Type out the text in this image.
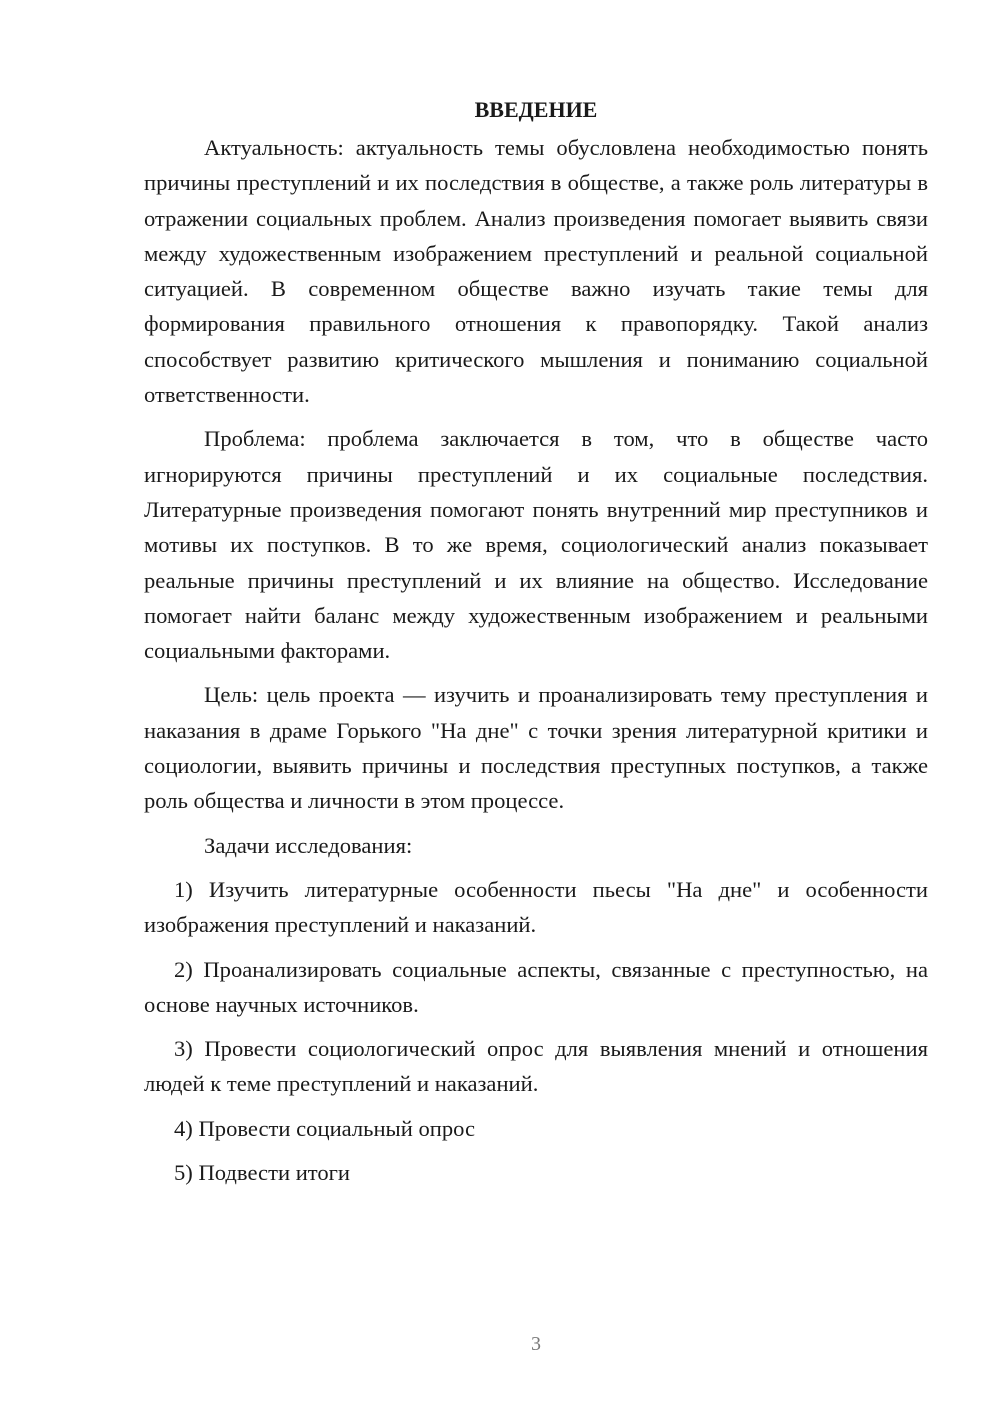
ВВЕДЕНИЕ

Актуальность: актуальность темы обусловлена необходимостью понять причины преступлений и их последствия в обществе, а также роль литературы в отражении социальных проблем. Анализ произведения помогает выявить связи между художественным изображением преступлений и реальной социальной ситуацией. В современном обществе важно изучать такие темы для формирования правильного отношения к правопорядку. Такой анализ способствует развитию критического мышления и пониманию социальной ответственности.

Проблема: проблема заключается в том, что в обществе часто игнорируются причины преступлений и их социальные последствия. Литературные произведения помогают понять внутренний мир преступников и мотивы их поступков. В то же время, социологический анализ показывает реальные причины преступлений и их влияние на общество. Исследование помогает найти баланс между художественным изображением и реальными социальными факторами.

Цель: цель проекта — изучить и проанализировать тему преступления и наказания в драме Горького "На дне" с точки зрения литературной критики и социологии, выявить причины и последствия преступных поступков, а также роль общества и личности в этом процессе.

Задачи исследования:

1) Изучить литературные особенности пьесы "На дне" и особенности изображения преступлений и наказаний.

2) Проанализировать социальные аспекты, связанные с преступностью, на основе научных источников.

3) Провести социологический опрос для выявления мнений и отношения людей к теме преступлений и наказаний.

4) Провести социальный опрос

5) Подвести итоги

3
